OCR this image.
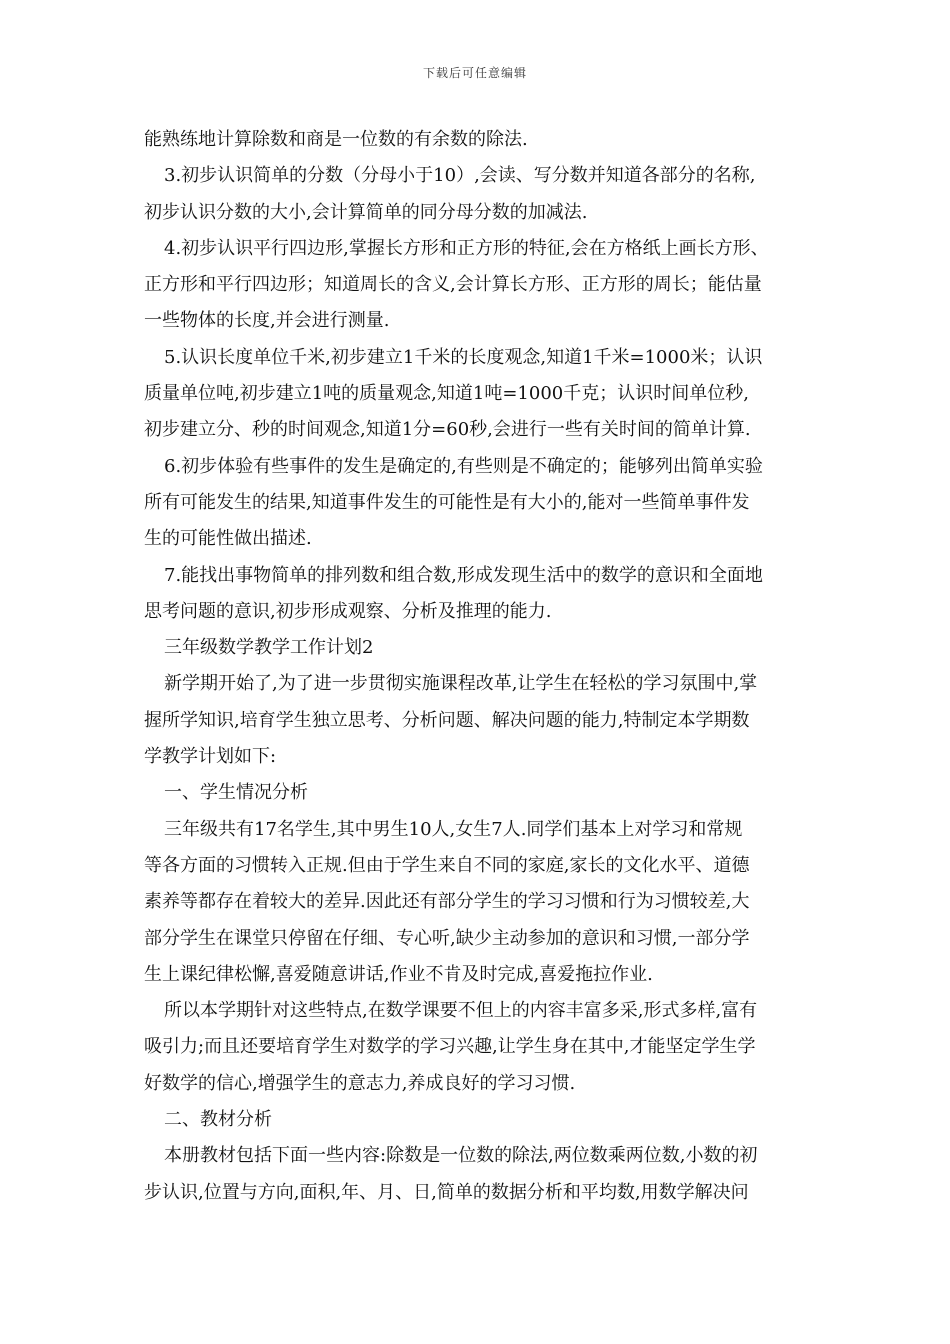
下载后可任意编辑
能熟练地计算除数和商是一位数的有余数的除法.
3.初步认识简单的分数（分母小于10）,会读、写分数并知道各部分的名称,
初步认识分数的大小,会计算简单的同分母分数的加减法.
4.初步认识平行四边形,掌握长方形和正方形的特征,会在方格纸上画长方形、
正方形和平行四边形；知道周长的含义,会计算长方形、正方形的周长；能估量
一些物体的长度,并会进行测量.
5.认识长度单位千米,初步建立1千米的长度观念,知道1千米=1000米；认识
质量单位吨,初步建立1吨的质量观念,知道1吨=1000千克；认识时间单位秒,
初步建立分、秒的时间观念,知道1分=60秒,会进行一些有关时间的简单计算.
6.初步体验有些事件的发生是确定的,有些则是不确定的；能够列出简单实验
所有可能发生的结果,知道事件发生的可能性是有大小的,能对一些简单事件发
生的可能性做出描述.
7.能找出事物简单的排列数和组合数,形成发现生活中的数学的意识和全面地
思考问题的意识,初步形成观察、分析及推理的能力.
三年级数学教学工作计划2
新学期开始了,为了进一步贯彻实施课程改革,让学生在轻松的学习氛围中,掌
握所学知识,培育学生独立思考、分析问题、解决问题的能力,特制定本学期数
学教学计划如下:
一、学生情况分析
三年级共有17名学生,其中男生10人,女生7人.同学们基本上对学习和常规
等各方面的习惯转入正规.但由于学生来自不同的家庭,家长的文化水平、道德
素养等都存在着较大的差异.因此还有部分学生的学习习惯和行为习惯较差,大
部分学生在课堂只停留在仔细、专心听,缺少主动参加的意识和习惯,一部分学
生上课纪律松懈,喜爱随意讲话,作业不肯及时完成,喜爱拖拉作业.
所以本学期针对这些特点,在数学课要不但上的内容丰富多采,形式多样,富有
吸引力;而且还要培育学生对数学的学习兴趣,让学生身在其中,才能坚定学生学
好数学的信心,增强学生的意志力,养成良好的学习习惯.
二、教材分析
本册教材包括下面一些内容:除数是一位数的除法,两位数乘两位数,小数的初
步认识,位置与方向,面积,年、月、日,简单的数据分析和平均数,用数学解决问
